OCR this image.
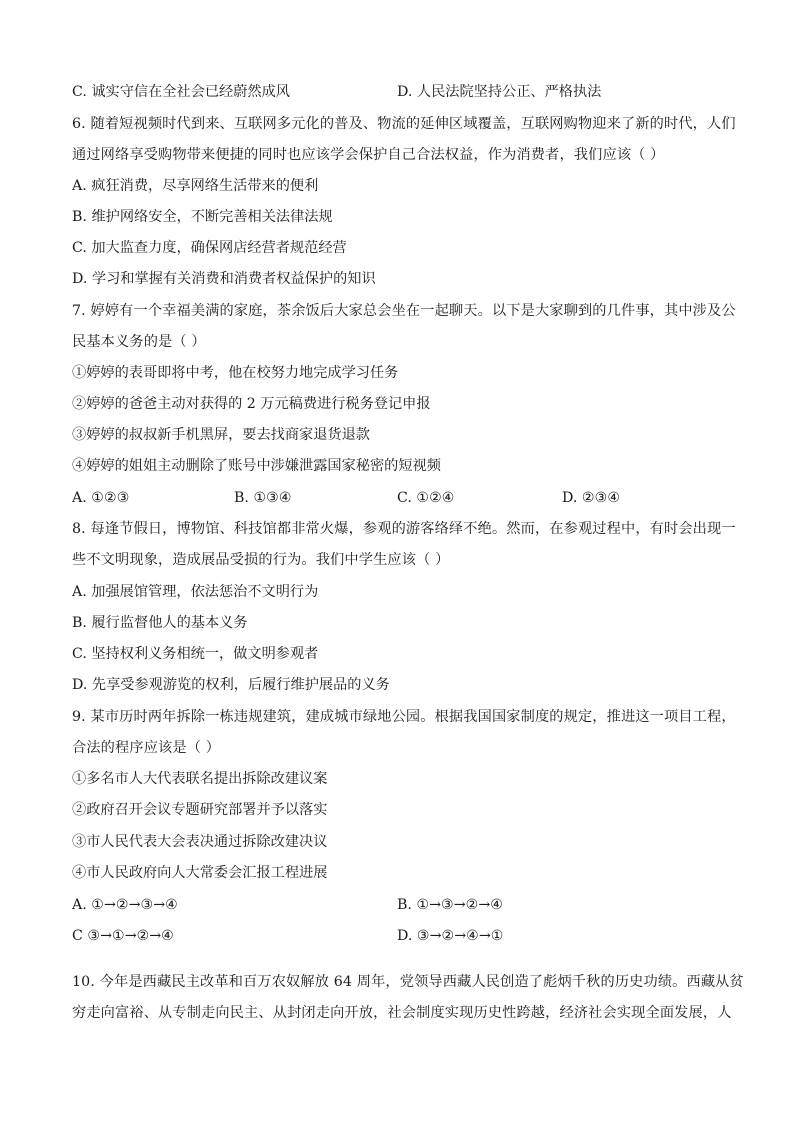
C. 诚实守信在全社会已经蔚然成风	D. 人民法院坚持公正、严格执法
6. 随着短视频时代到来、互联网多元化的普及、物流的延伸区域覆盖，互联网购物迎来了新的时代，人们
通过网络享受购物带来便捷的同时也应该学会保护自己合法权益，作为消费者，我们应该（ ）
A. 疯狂消费，尽享网络生活带来的便利
B. 维护网络安全，不断完善相关法律法规
C. 加大监查力度，确保网店经营者规范经营
D. 学习和掌握有关消费和消费者权益保护的知识
7. 婷婷有一个幸福美满的家庭，茶余饭后大家总会坐在一起聊天。以下是大家聊到的几件事，其中涉及公
民基本义务的是（ ）
①婷婷的表哥即将中考，他在校努力地完成学习任务
②婷婷的爸爸主动对获得的 2 万元稿费进行税务登记申报
③婷婷的叔叔新手机黑屏，要去找商家退货退款
④婷婷的姐姐主动删除了账号中涉嫌泄露国家秘密的短视频
A. ①②③	B. ①③④	C. ①②④	D. ②③④
8. 每逢节假日，博物馆、科技馆都非常火爆，参观的游客络绎不绝。然而，在参观过程中，有时会出现一
些不文明现象，造成展品受损的行为。我们中学生应该（ ）
A. 加强展馆管理，依法惩治不文明行为
B. 履行监督他人的基本义务
C. 坚持权利义务相统一，做文明参观者
D. 先享受参观游览的权利，后履行维护展品的义务
9. 某市历时两年拆除一栋违规建筑，建成城市绿地公园。根据我国国家制度的规定，推进这一项目工程，
合法的程序应该是（ ）
①多名市人大代表联名提出拆除改建议案
②政府召开会议专题研究部署并予以落实
③市人民代表大会表决通过拆除改建决议
④市人民政府向人大常委会汇报工程进展
A. ①→②→③→④	B. ①→③→②→④
C ③→①→②→④	D. ③→②→④→①
10. 今年是西藏民主改革和百万农奴解放 64 周年，党领导西藏人民创造了彪炳千秋的历史功绩。西藏从贫
穷走向富裕、从专制走向民主、从封闭走向开放，社会制度实现历史性跨越，经济社会实现全面发展，人
